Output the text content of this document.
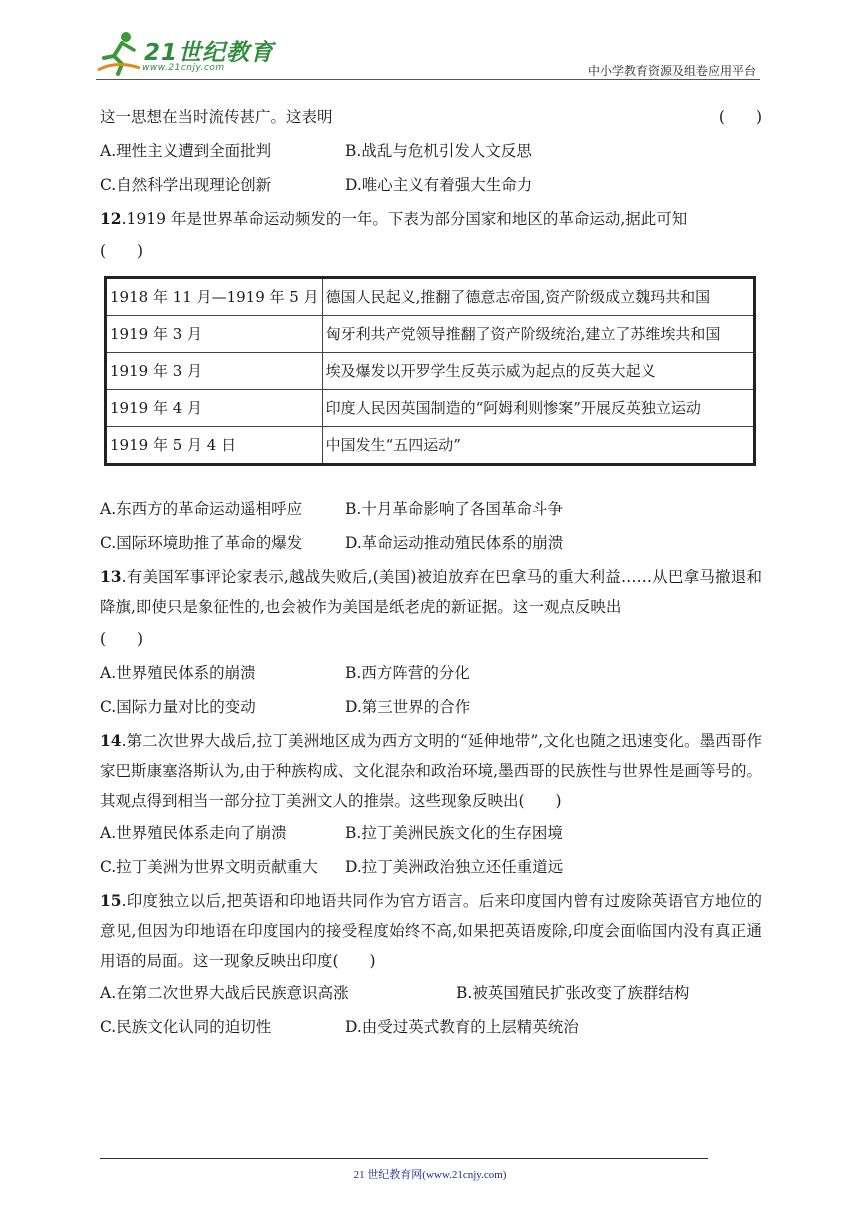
21世纪教育
www.21cnjy.com	中小学教育资源及组卷应用平台
这一思想在当时流传甚广。这表明	(　　)
A.理性主义遭到全面批判	B.战乱与危机引发人文反思
C.自然科学出现理论创新	D.唯心主义有着强大生命力

12.1919 年是世界革命运动频发的一年。下表为部分国家和地区的革命运动,据此可知

(　　)
1918 年 11 月—1919 年 5 月	德国人民起义,推翻了德意志帝国,资产阶级成立魏玛共和国
1919 年 3 月	匈牙利共产党领导推翻了资产阶级统治,建立了苏维埃共和国
1919 年 3 月	埃及爆发以开罗学生反英示威为起点的反英大起义
1919 年 4 月	印度人民因英国制造的“阿姆利则惨案”开展反英独立运动
1919 年 5 月 4 日	中国发生“五四运动”
A.东西方的革命运动遥相呼应	B.十月革命影响了各国革命斗争
C.国际环境助推了革命的爆发	D.革命运动推动殖民体系的崩溃

13.有美国军事评论家表示,越战失败后,(美国)被迫放弃在巴拿马的重大利益……从巴拿马撤退和降旗,即使只是象征性的,也会被作为美国是纸老虎的新证据。这一观点反映出

(　　)
A.世界殖民体系的崩溃	B.西方阵营的分化
C.国际力量对比的变动	D.第三世界的合作

14.第二次世界大战后,拉丁美洲地区成为西方文明的“延伸地带”,文化也随之迅速变化。墨西哥作家巴斯康塞洛斯认为,由于种族构成、文化混杂和政治环境,墨西哥的民族性与世界性是画等号的。其观点得到相当一部分拉丁美洲文人的推崇。这些现象反映出(　　)

A.世界殖民体系走向了崩溃	B.拉丁美洲民族文化的生存困境
C.拉丁美洲为世界文明贡献重大	D.拉丁美洲政治独立还任重道远

15.印度独立以后,把英语和印地语共同作为官方语言。后来印度国内曾有过废除英语官方地位的意见,但因为印地语在印度国内的接受程度始终不高,如果把英语废除,印度会面临国内没有真正通用语的局面。这一现象反映出印度(　　)

A.在第二次世界大战后民族意识高涨	B.被英国殖民扩张改变了族群结构
C.民族文化认同的迫切性	D.由受过英式教育的上层精英统治
21 世纪教育网(www.21cnjy.com)
